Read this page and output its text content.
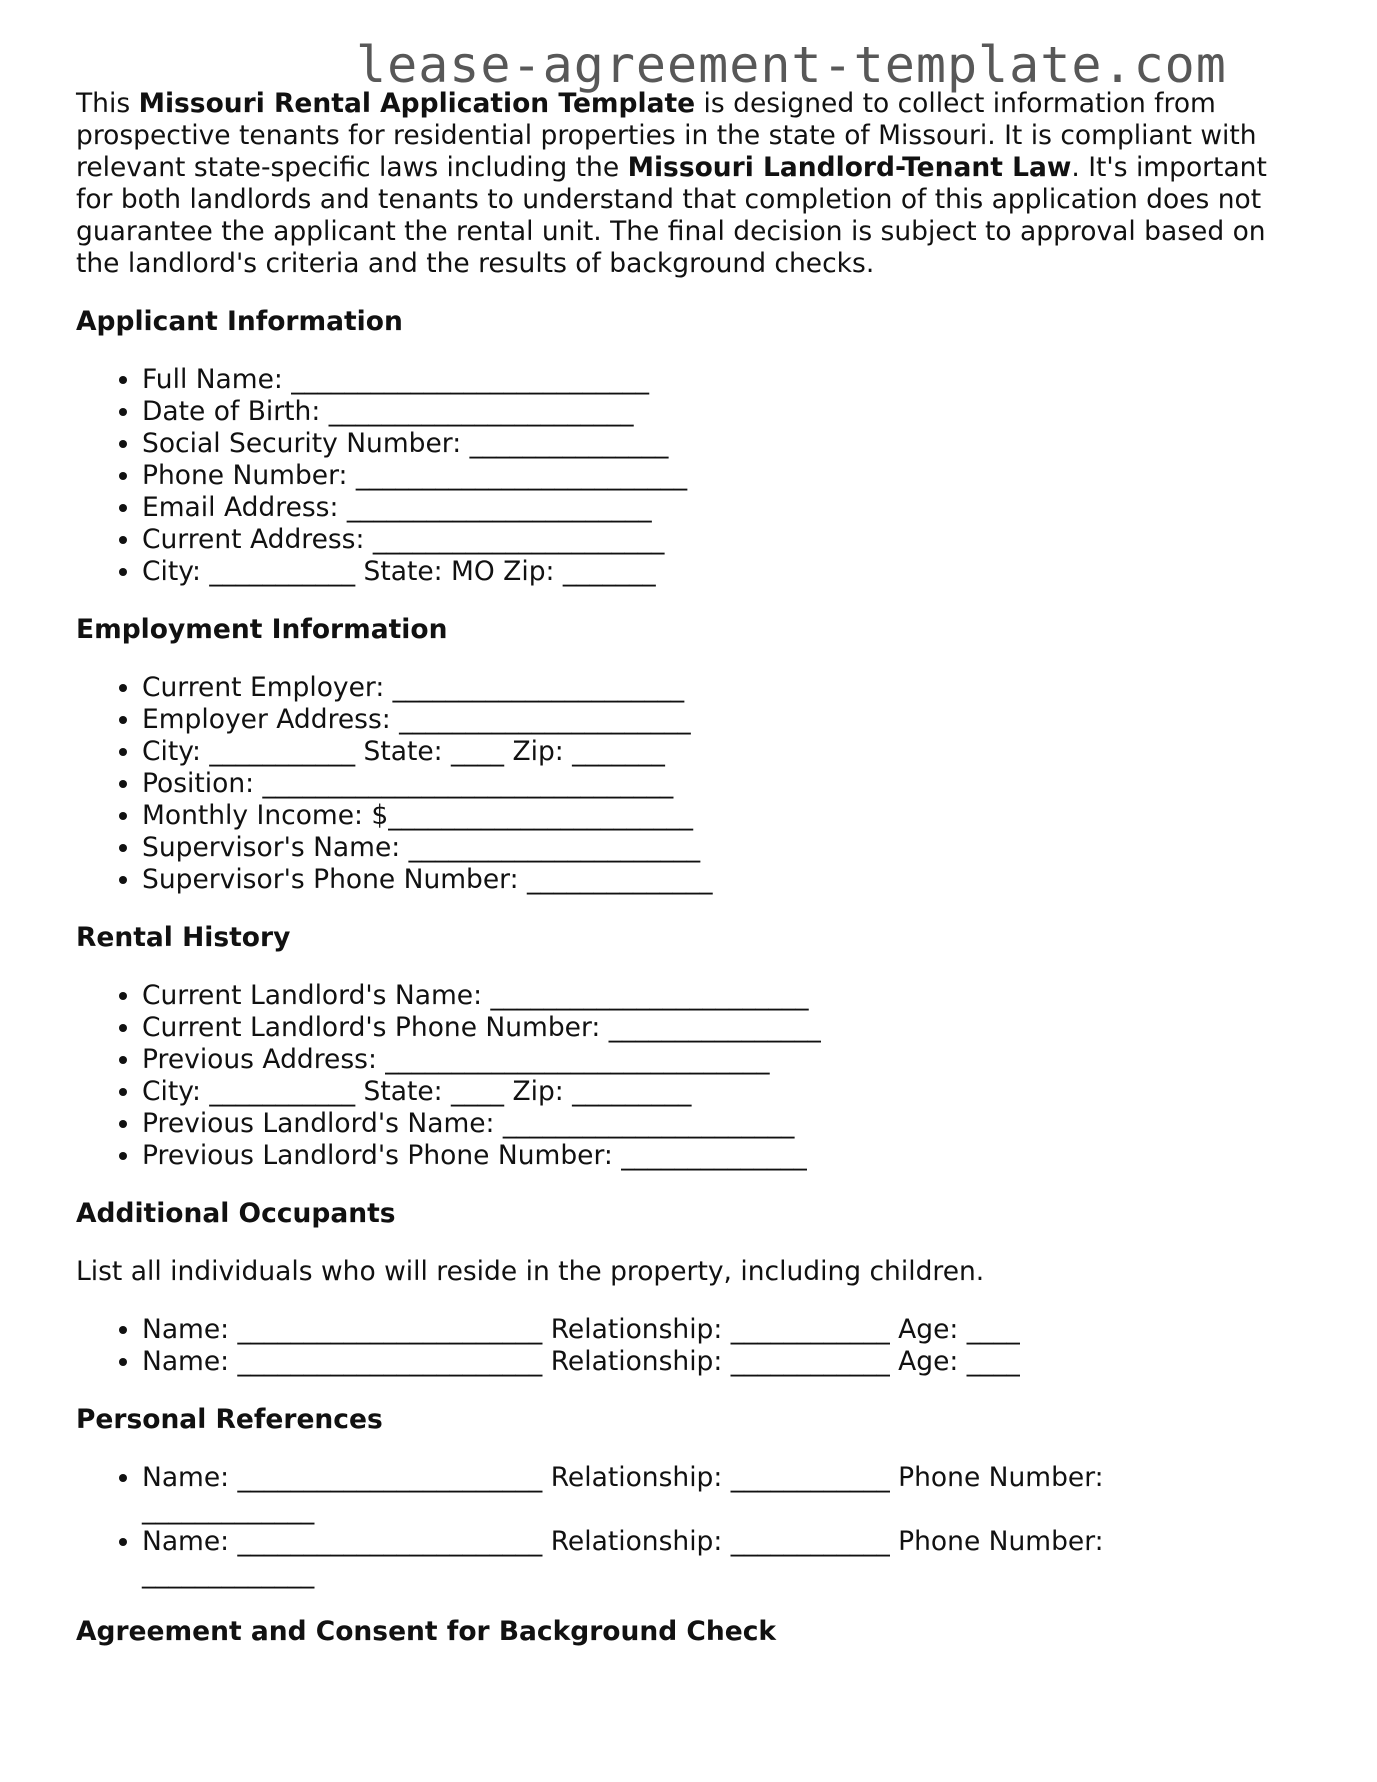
lease-agreement-template.com

This Missouri Rental Application Template is designed to collect information from prospective tenants for residential properties in the state of Missouri. It is compliant with relevant state-specific laws including the Missouri Landlord-Tenant Law. It's important for both landlords and tenants to understand that completion of this application does not guarantee the applicant the rental unit. The final decision is subject to approval based on the landlord's criteria and the results of background checks.

Applicant Information
• Full Name: ___________________________
• Date of Birth: _______________________
• Social Security Number: _______________
• Phone Number: _________________________
• Email Address: _______________________
• Current Address: ______________________
• City: ___________ State: MO Zip: _______
Employment Information
• Current Employer: ______________________
• Employer Address: ______________________
• City: ___________ State: ____ Zip: _______
• Position: _______________________________
• Monthly Income: $_______________________
• Supervisor's Name: ______________________
• Supervisor's Phone Number: ______________
Rental History
• Current Landlord's Name: ________________________
• Current Landlord's Phone Number: ________________
• Previous Address: _____________________________
• City: ___________ State: ____ Zip: _________
• Previous Landlord's Name: ______________________
• Previous Landlord's Phone Number: ______________
Additional Occupants

List all individuals who will reside in the property, including children.

• Name: _______________________ Relationship: ____________ Age: ____
• Name: _______________________ Relationship: ____________ Age: ____
Personal References
• Name: _______________________ Relationship: ____________ Phone Number:
_____________
• Name: _______________________ Relationship: ____________ Phone Number:
_____________
Agreement and Consent for Background Check
